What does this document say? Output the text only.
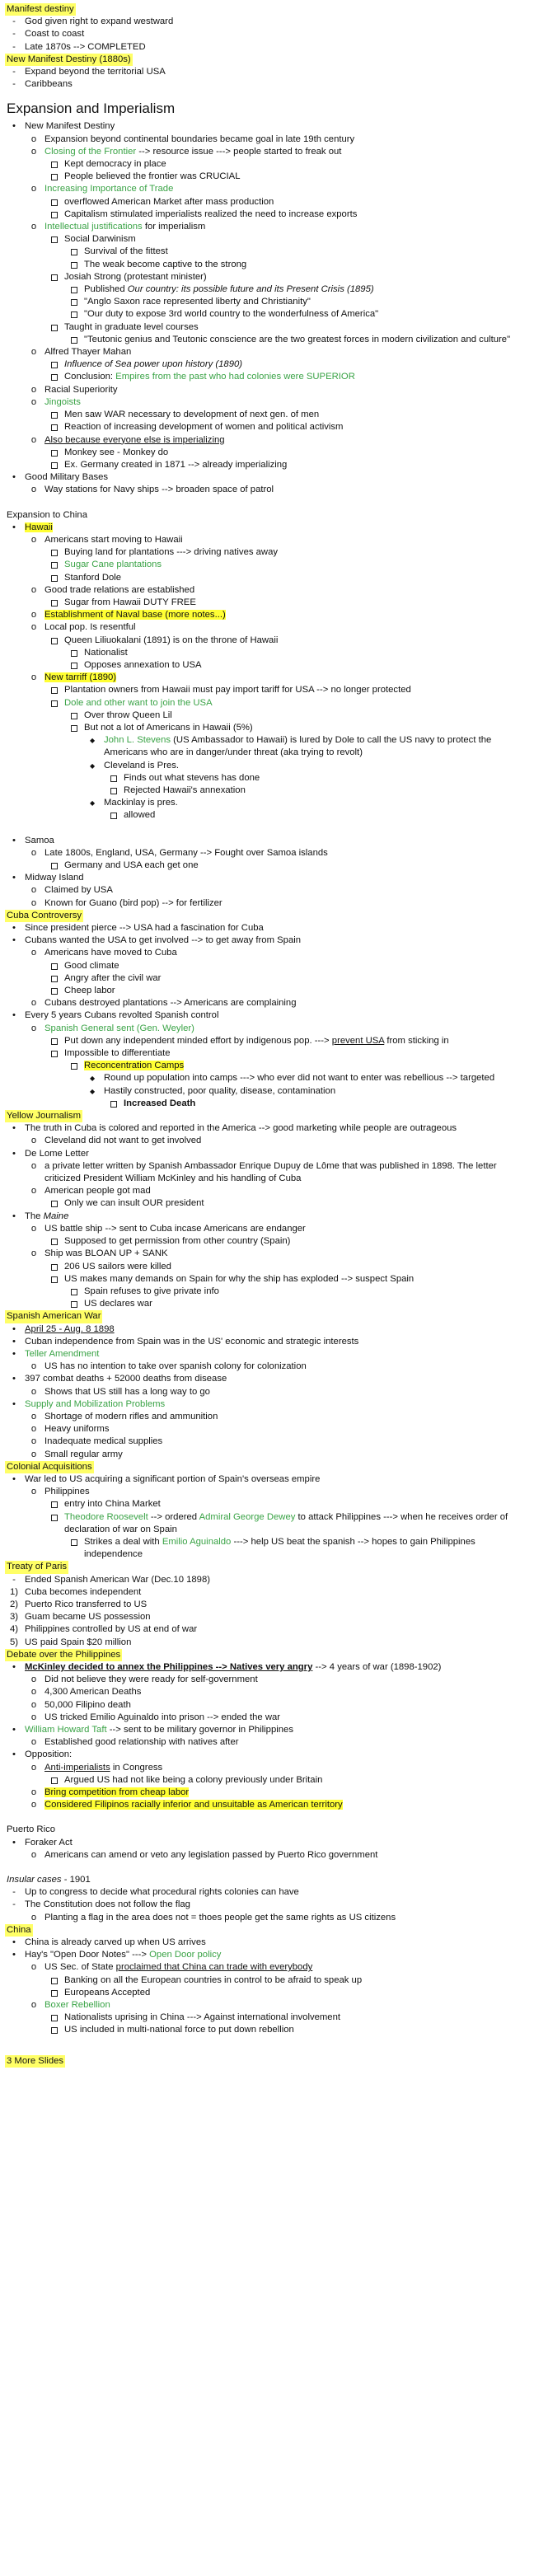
Manifest destiny
- God given right to expand westward
- Coast to coast
- Late 1870s --> COMPLETED
New Manifest Destiny (1880s)
- Expand beyond the territorial USA
- Caribbeans
Expansion and Imperialism
• New Manifest Destiny
o Expansion beyond continental boundaries became goal in late 19th century
o Closing of the Frontier --> resource issue ---> people started to freak out
Kept democracy in place
People believed the frontier was CRUCIAL
o Increasing Importance of Trade
overflowed American Market after mass production
Capitalism stimulated imperialists realized the need to increase exports
o Intellectual justifications for imperialism
Social Darwinism
Survival of the fittest
The weak become captive to the strong
Josiah Strong (protestant minister)
Published Our country: its possible future and its Present Crisis (1895)
"Anglo Saxon race represented liberty and Christianity"
"Our duty to expose 3rd world country to the wonderfulness of America"
Taught in graduate level courses
"Teutonic genius and Teutonic conscience are the two greatest forces in modern civilization and culture"
o Alfred Thayer Mahan
Influence of Sea power upon history (1890)
Conclusion: Empires from the past who had colonies were SUPERIOR
o Racial Superiority
o Jingoists
Men saw WAR necessary to development of next gen. of men
Reaction of increasing development of women and political activism
o Also because everyone else is imperializing
Monkey see - Monkey do
Ex. Germany created in 1871 --> already imperializing
• Good Military Bases
o Way stations for Navy ships --> broaden space of patrol
Expansion to China
• Hawaii
o Americans start moving to Hawaii
Buying land for plantations ---> driving natives away
Sugar Cane plantations
Stanford Dole
o Good trade relations are established
Sugar from Hawaii DUTY FREE
o Establishment of Naval base (more notes...)
o Local pop. Is resentful
Queen Liliuokalani (1891) is on the throne of Hawaii
Nationalist
Opposes annexation to USA
o New tarriff (1890)
Plantation owners from Hawaii must pay import tariff for USA --> no longer protected
Dole and other want to join the USA
Over throw Queen Lil
But not a lot of Americans in Hawaii (5%)
◆ John L. Stevens (US Ambassador to Hawaii) is lured by Dole to call the US navy to protect the Americans who are in danger/under threat (aka trying to revolt)
◆ Cleveland is Pres.
Finds out what stevens has done
Rejected Hawaii's annexation
◆ Mackinlay is pres.
allowed
• Samoa
o Late 1800s, England, USA, Germany --> Fought over Samoa islands
Germany and USA each get one
• Midway Island
o Claimed by USA
o Known for Guano (bird pop) --> for fertilizer
Cuba Controversy
• Since president pierce --> USA had a fascination for Cuba
• Cubans wanted the USA to get involved --> to get away from Spain
o Americans have moved to Cuba
Good climate
Angry after the civil war
Cheep labor
o Cubans destroyed plantations --> Americans are complaining
• Every 5 years Cubans revolted Spanish control
o Spanish General sent (Gen. Weyler)
Put down any independent minded effort by indigenous pop. ---> prevent USA from sticking in
Impossible to differentiate
Reconcentration Camps
◆ Round up population into camps ---> who ever did not want to enter was rebellious --> targeted
◆ Hastily constructed, poor quality, disease, contamination
Increased Death
Yellow Journalism
• The truth in Cuba is colored and reported in the America --> good marketing while people are outrageous
o Cleveland did not want to get involved
• De Lome Letter
o a private letter written by Spanish Ambassador Enrique Dupuy de Lôme that was published in 1898. The letter criticized President William McKinley and his handling of Cuba
o American people got mad
Only we can insult OUR president
• The Maine
o US battle ship --> sent to Cuba incase Americans are endanger
Supposed to get permission from other country (Spain)
o Ship was BLOAN UP + SANK
206 US sailors were killed
US makes many demands on Spain for why the ship has exploded --> suspect Spain
Spain refuses to give private info
US declares war
Spanish American War
• April 25 - Aug. 8 1898
• Cuban independence from Spain was in the US' economic and strategic interests
• Teller Amendment
o US has no intention to take over spanish colony for colonization
• 397 combat deaths + 52000 deaths from disease
o Shows that US still has a long way to go
• Supply and Mobilization Problems
o Shortage of modern rifles and ammunition
o Heavy uniforms
o Inadequate medical supplies
o Small regular army
Colonial Acquisitions
• War led to US acquiring a significant portion of Spain's overseas empire
o Philippines
entry into China Market
Theodore Roosevelt --> ordered Admiral George Dewey to attack Philippines ---> when he receives order of declaration of war on Spain
Strikes a deal with Emilio Aguinaldo ---> help US beat the spanish --> hopes to gain Philippines independence
Treaty of Paris
- Ended Spanish American War (Dec.10 1898)
1) Cuba becomes independent
2) Puerto Rico transferred to US
3) Guam became US possession
4) Philippines controlled by US at end of war
5) US paid Spain $20 million
Debate over the Philippines
• McKinley decided to annex the Philippines --> Natives very angry --> 4 years of war (1898-1902)
o Did not believe they were ready for self-government
o 4,300 American Deaths
o 50,000 Filipino death
o US tricked Emilio Aguinaldo into prison --> ended the war
• William Howard Taft --> sent to be military governor in Philippines
o Established good relationship with natives after
• Opposition:
o Anti-imperialists in Congress
Argued US had not like being a colony previously under Britain
o Bring competition from cheap labor
o Considered Filipinos racially inferior and unsuitable as American territory
Puerto Rico
• Foraker Act
o Americans can amend or veto any legislation passed by Puerto Rico government
Insular cases - 1901
- Up to congress to decide what procedural rights colonies can have
- The Constitution does not follow the flag
o Planting a flag in the area does not = thoes people get the same rights as US citizens
China
• China is already carved up when US arrives
• Hay's "Open Door Notes" ---> Open Door policy
o US Sec. of State proclaimed that China can trade with everybody
Banking on all the European countries in control to be afraid to speak up
Europeans Accepted
o Boxer Rebellion
Nationalists uprising in China ---> Against international involvement
US included in multi-national force to put down rebellion
3 More Slides
